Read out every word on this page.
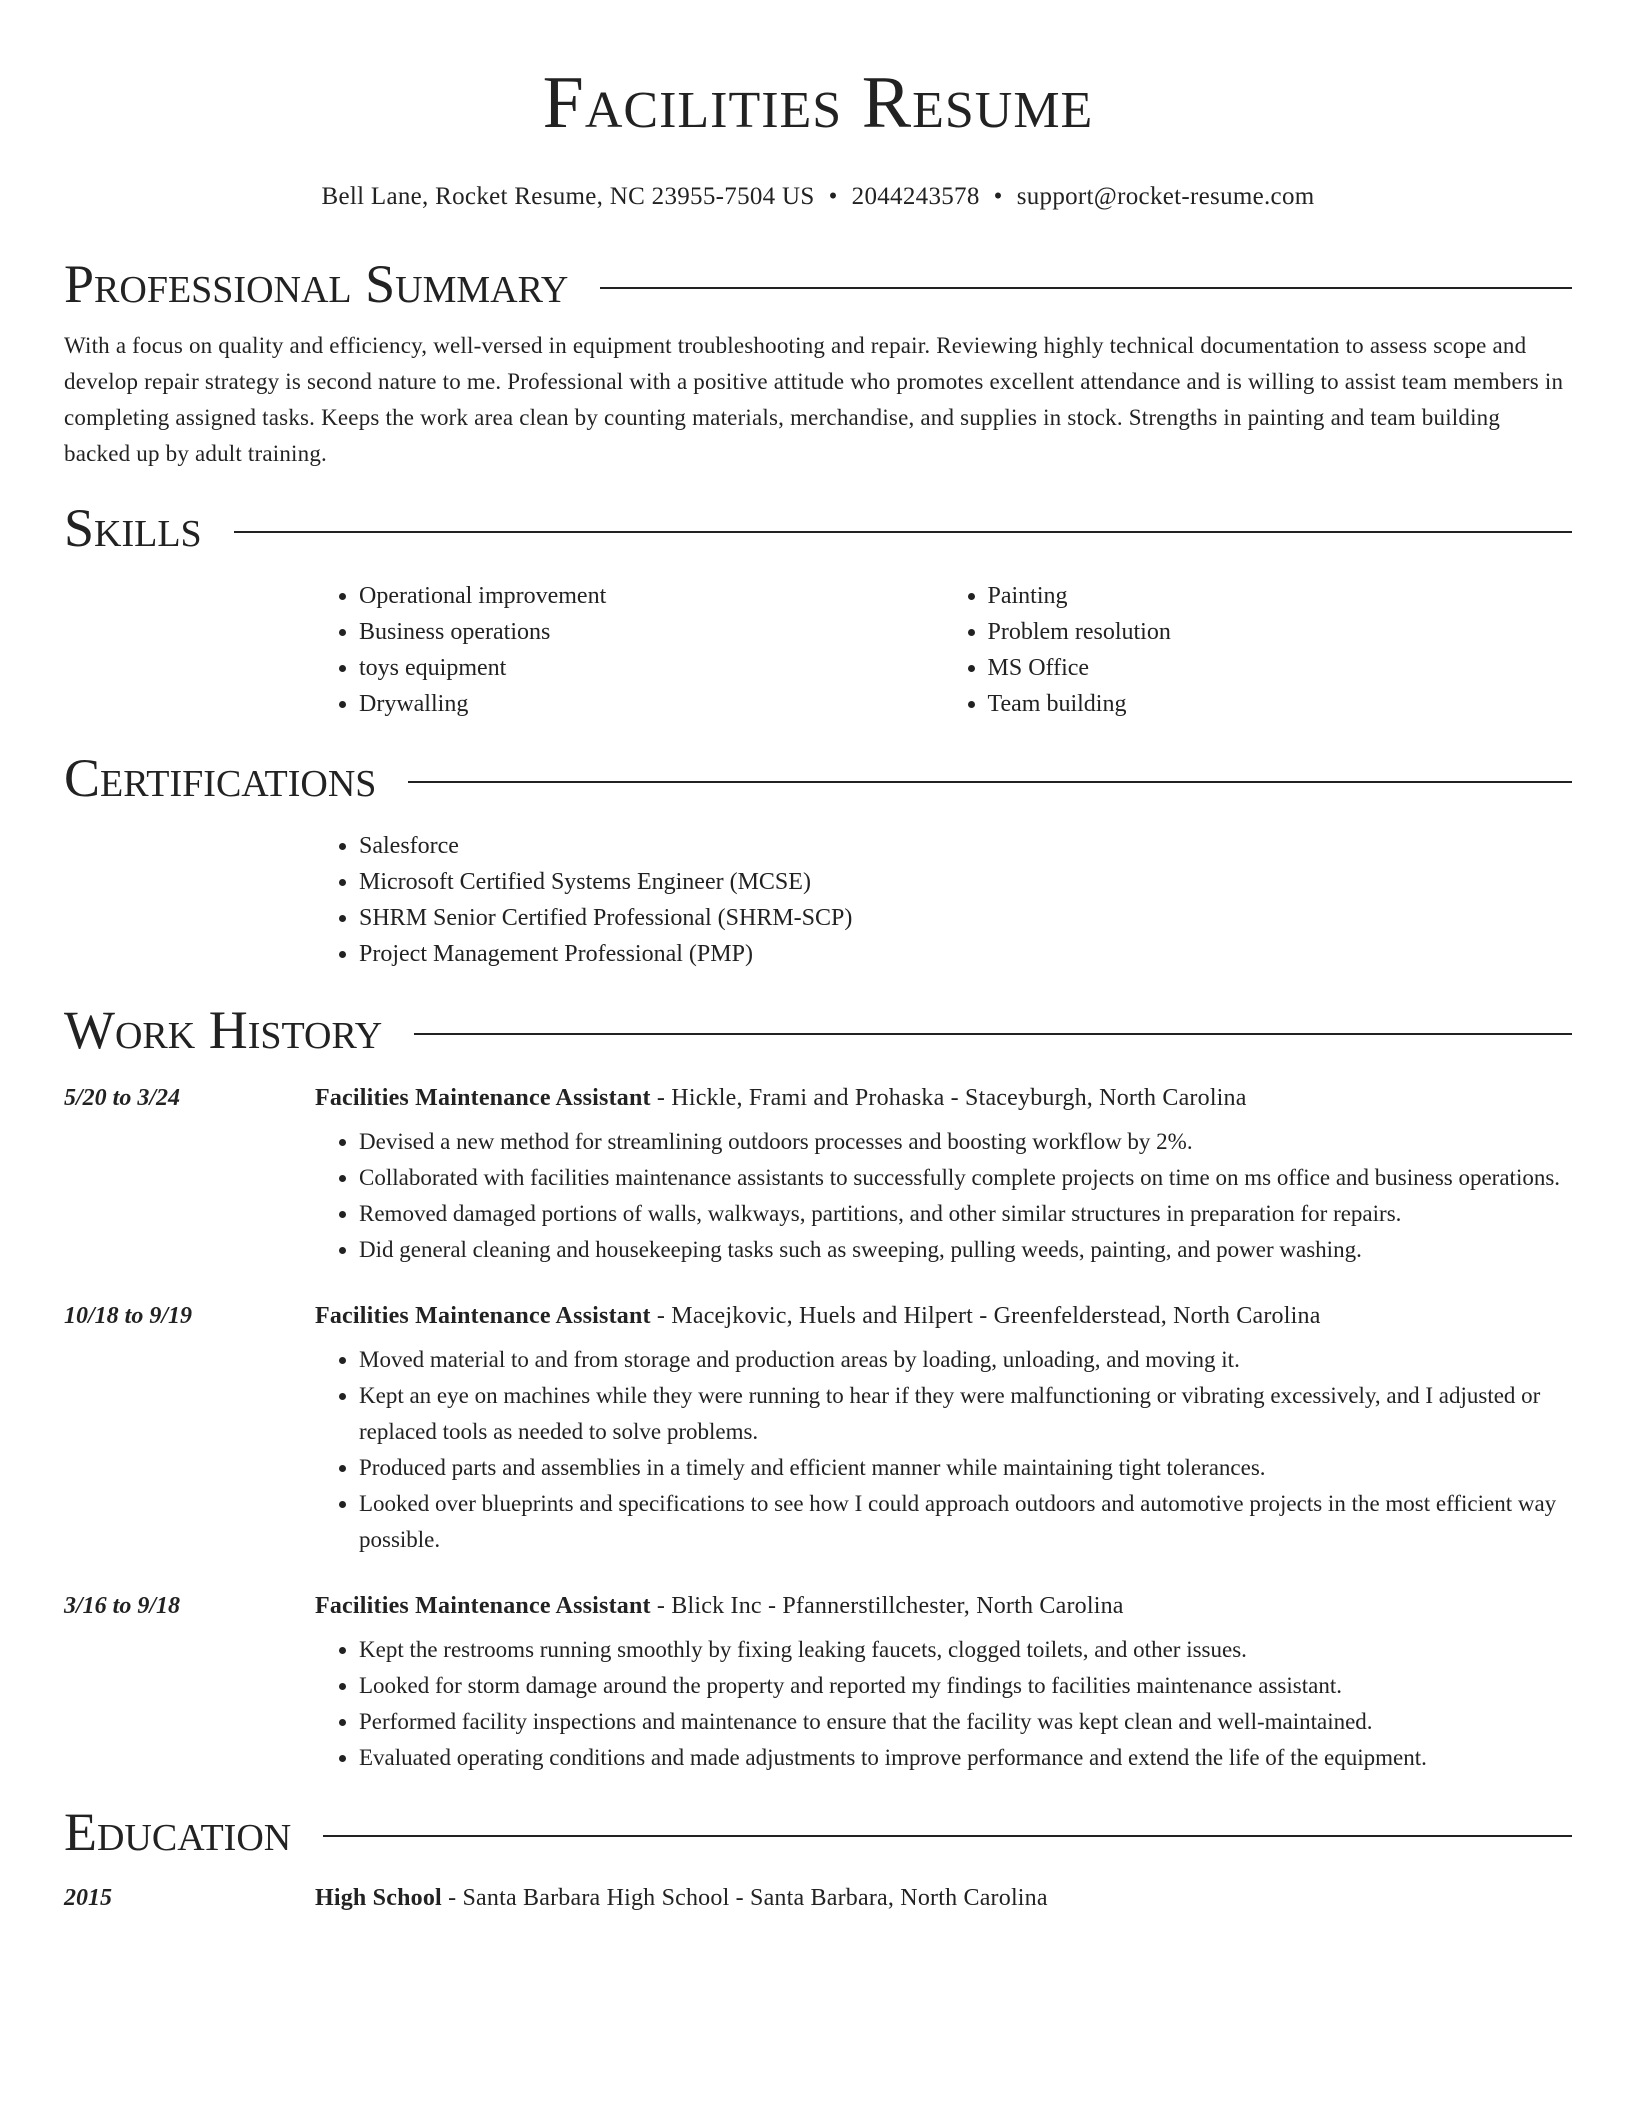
Facilities Resume
Bell Lane, Rocket Resume, NC 23955-7504 US • 2044243578 • support@rocket-resume.com
Professional Summary

With a focus on quality and efficiency, well-versed in equipment troubleshooting and repair. Reviewing highly technical documentation to assess scope and develop repair strategy is second nature to me. Professional with a positive attitude who promotes excellent attendance and is willing to assist team members in completing assigned tasks. Keeps the work area clean by counting materials, merchandise, and supplies in stock. Strengths in painting and team building backed up by adult training.

Skills
• Operational improvement
• Business operations
• toys equipment
• Drywalling
• Painting
• Problem resolution
• MS Office
• Team building
Certifications
• Salesforce
• Microsoft Certified Systems Engineer (MCSE)
• SHRM Senior Certified Professional (SHRM-SCP)
• Project Management Professional (PMP)
Work History
5/20 to 3/24	Facilities Maintenance Assistant - Hickle, Frami and Prohaska - Staceyburgh, North Carolina
• Devised a new method for streamlining outdoors processes and boosting workflow by 2%.
• Collaborated with facilities maintenance assistants to successfully complete projects on time on ms office and business operations.
• Removed damaged portions of walls, walkways, partitions, and other similar structures in preparation for repairs.
• Did general cleaning and housekeeping tasks such as sweeping, pulling weeds, painting, and power washing.
10/18 to 9/19	Facilities Maintenance Assistant - Macejkovic, Huels and Hilpert - Greenfelderstead, North Carolina
• Moved material to and from storage and production areas by loading, unloading, and moving it.
• Kept an eye on machines while they were running to hear if they were malfunctioning or vibrating excessively, and I adjusted or replaced tools as needed to solve problems.
• Produced parts and assemblies in a timely and efficient manner while maintaining tight tolerances.
• Looked over blueprints and specifications to see how I could approach outdoors and automotive projects in the most efficient way possible.
3/16 to 9/18	Facilities Maintenance Assistant - Blick Inc - Pfannerstillchester, North Carolina
• Kept the restrooms running smoothly by fixing leaking faucets, clogged toilets, and other issues.
• Looked for storm damage around the property and reported my findings to facilities maintenance assistant.
• Performed facility inspections and maintenance to ensure that the facility was kept clean and well-maintained.
• Evaluated operating conditions and made adjustments to improve performance and extend the life of the equipment.
Education
2015	High School - Santa Barbara High School - Santa Barbara, North Carolina
